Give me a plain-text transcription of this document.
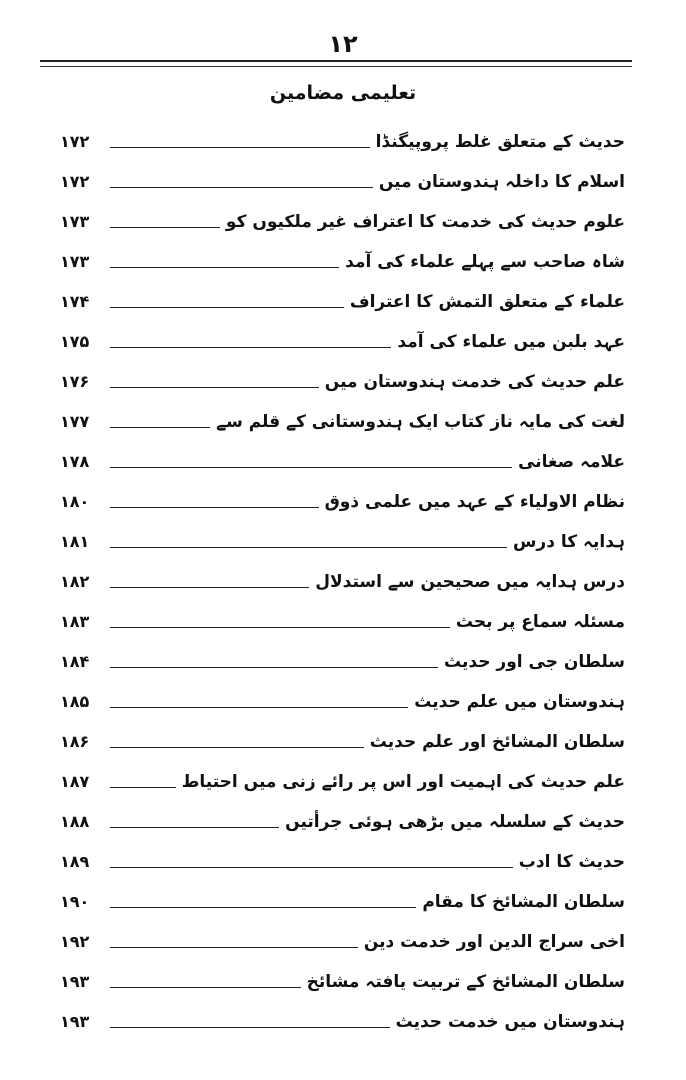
۱۲
تعلیمی مضامین
حدیث کے متعلق غلط پروپیگنڈا
۱۷۲
اسلام کا داخلہ ہندوستان میں
۱۷۲
علوم حدیث کی خدمت کا اعتراف غیر ملکیوں کو
۱۷۳
شاہ صاحب سے پہلے علماء کی آمد
۱۷۳
علماء کے متعلق التمش کا اعتراف
۱۷۴
عہد بلبن میں علماء کی آمد
۱۷۵
علم حدیث کی خدمت ہندوستان میں
۱۷۶
لغت کی مایہ ناز کتاب ایک ہندوستانی کے قلم سے
۱۷۷
علامہ صغانی
۱۷۸
نظام الاولیاء کے عہد میں علمی ذوق
۱۸۰
ہدایہ کا درس
۱۸۱
درس ہدایہ میں صحیحین سے استدلال
۱۸۲
مسئلہ سماع پر بحث
۱۸۳
سلطان جی اور حدیث
۱۸۴
ہندوستان میں علم حدیث
۱۸۵
سلطان المشائخ اور علم حدیث
۱۸۶
علم حدیث کی اہمیت اور اس پر رائے زنی میں احتیاط
۱۸۷
حدیث کے سلسلہ میں بڑھی ہوئی جرأتیں
۱۸۸
حدیث کا ادب
۱۸۹
سلطان المشائخ کا مقام
۱۹۰
اخی سراج الدین اور خدمت دین
۱۹۲
سلطان المشائخ کے تربیت یافتہ مشائخ
۱۹۳
ہندوستان میں خدمت حدیث
۱۹۳
